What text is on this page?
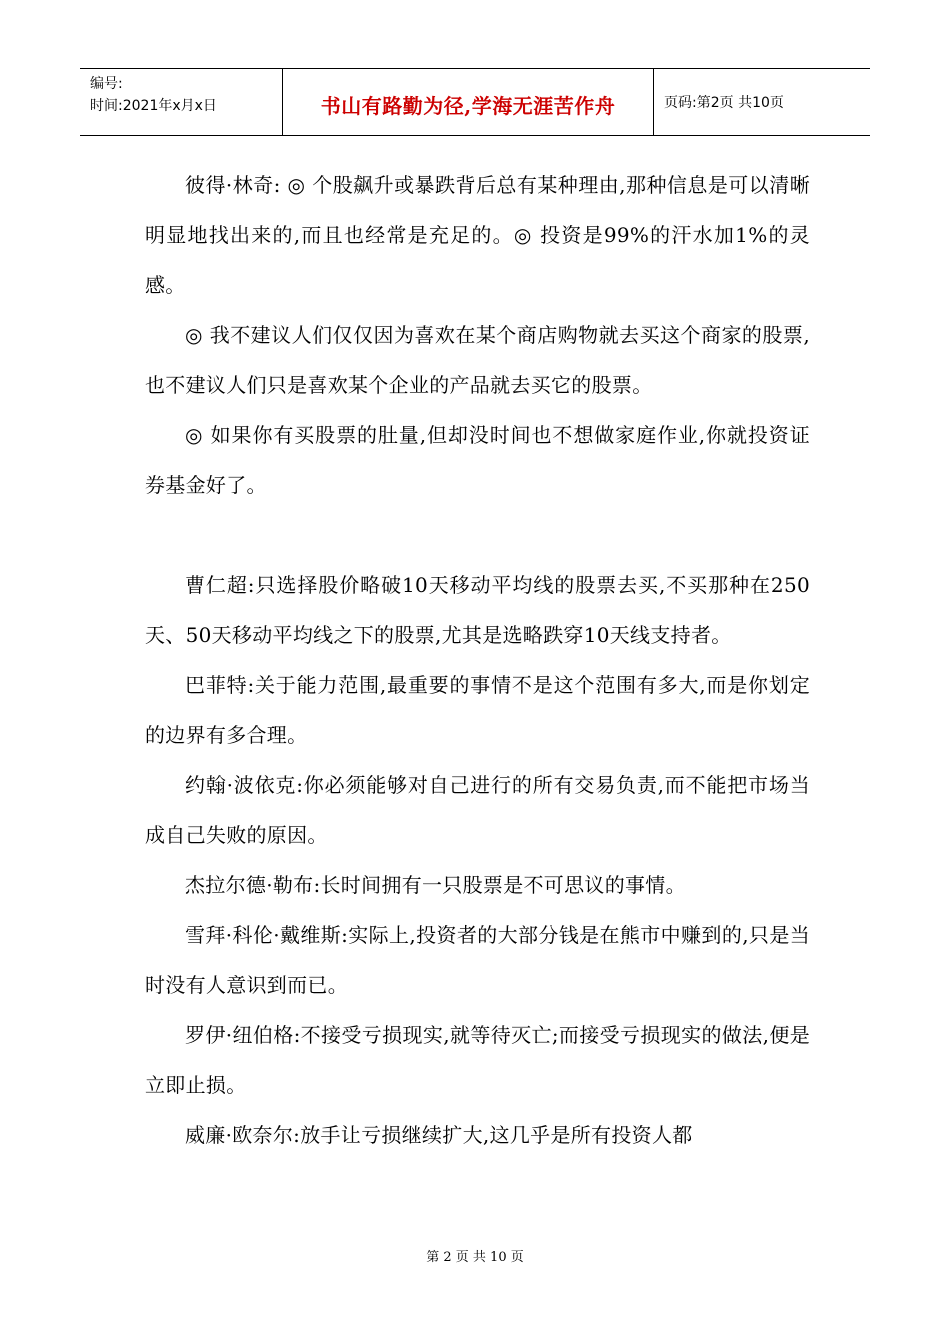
编号:
时间:2021年x月x日	书山有路勤为径,学海无涯苦作舟	页码:第2页 共10页

彼得·林奇: ◎ 个股飙升或暴跌背后总有某种理由,那种信息是可以清晰明显地找出来的,而且也经常是充足的。◎ 投资是99%的汗水加1%的灵感。

◎ 我不建议人们仅仅因为喜欢在某个商店购物就去买这个商家的股票,也不建议人们只是喜欢某个企业的产品就去买它的股票。

◎ 如果你有买股票的肚量,但却没时间也不想做家庭作业,你就投资证券基金好了。

曹仁超:只选择股价略破10天移动平均线的股票去买,不买那种在250天、50天移动平均线之下的股票,尤其是选略跌穿10天线支持者。

巴菲特:关于能力范围,最重要的事情不是这个范围有多大,而是你划定的边界有多合理。

约翰·波依克:你必须能够对自己进行的所有交易负责,而不能把市场当成自己失败的原因。

杰拉尔德·勒布:长时间拥有一只股票是不可思议的事情。

雪拜·科伦·戴维斯:实际上,投资者的大部分钱是在熊市中赚到的,只是当时没有人意识到而已。

罗伊·纽伯格:不接受亏损现实,就等待灭亡;而接受亏损现实的做法,便是立即止损。

威廉·欧奈尔:放手让亏损继续扩大,这几乎是所有投资人都

第 2 页 共 10 页
